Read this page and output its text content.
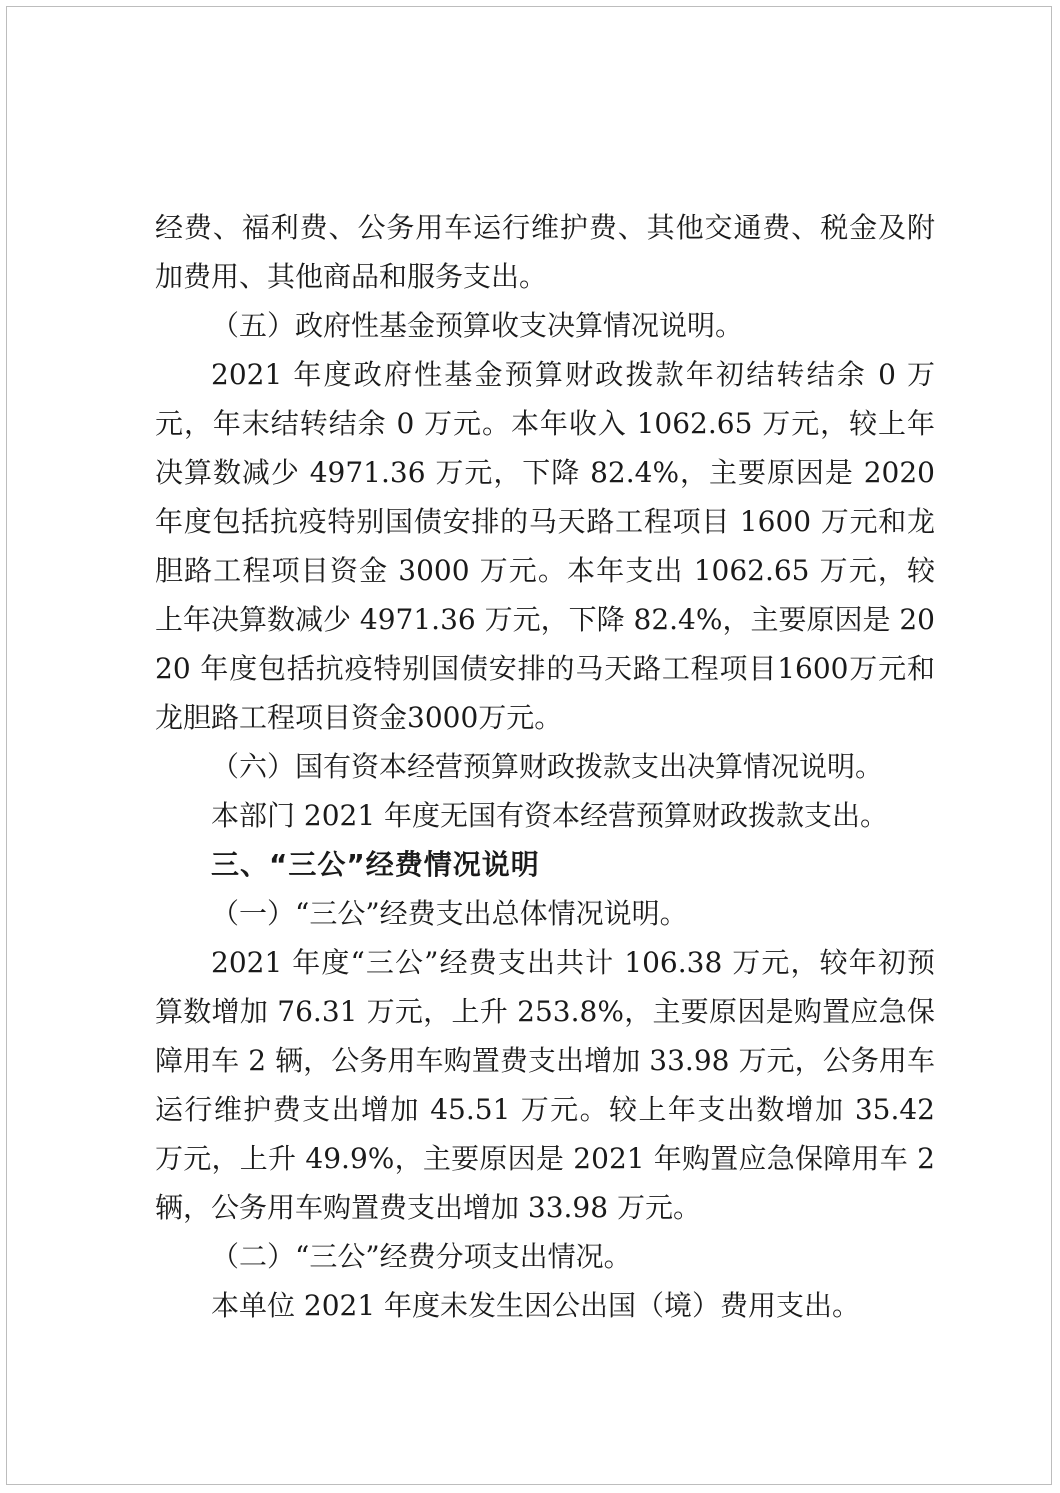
经费、福利费、公务用车运行维护费、其他交通费、税金及附加费用、其他商品和服务支出。

（五）政府性基金预算收支决算情况说明。

2021 年度政府性基金预算财政拨款年初结转结余 0 万元，年末结转结余 0 万元。本年收入 1062.65 万元，较上年决算数减少 4971.36 万元，下降 82.4%，主要原因是 2020 年度包括抗疫特别国债安排的马天路工程项目 1600 万元和龙胆路工程项目资金 3000 万元。本年支出 1062.65 万元，较上年决算数减少 4971.36 万元，下降 82.4%，主要原因是 2020 年度包括抗疫特别国债安排的马天路工程项目1600万元和龙胆路工程项目资金3000万元。

（六）国有资本经营预算财政拨款支出决算情况说明。

本部门 2021 年度无国有资本经营预算财政拨款支出。

三、“三公”经费情况说明

（一）“三公”经费支出总体情况说明。

2021 年度“三公”经费支出共计 106.38 万元，较年初预算数增加 76.31 万元，上升 253.8%，主要原因是购置应急保障用车 2 辆，公务用车购置费支出增加 33.98 万元，公务用车运行维护费支出增加 45.51 万元。较上年支出数增加 35.42 万元，上升 49.9%，主要原因是 2021 年购置应急保障用车 2 辆，公务用车购置费支出增加 33.98 万元。

（二）“三公”经费分项支出情况。

本单位 2021 年度未发生因公出国（境）费用支出。
